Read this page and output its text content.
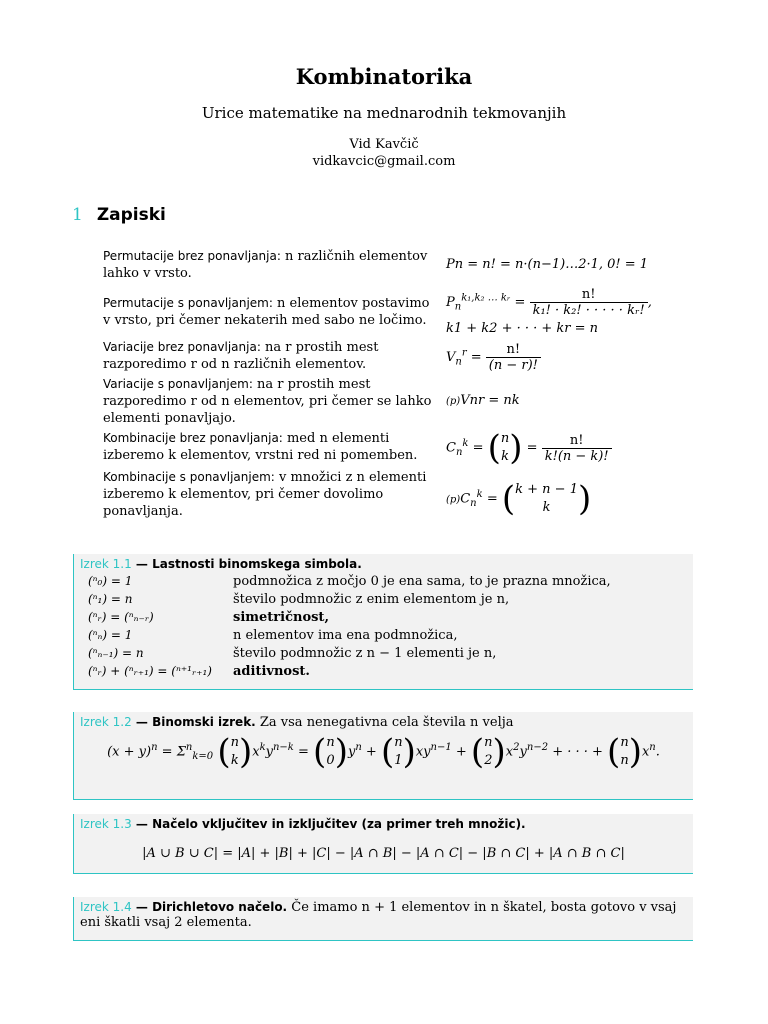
Kombinatorika
Urice matematike na mednarodnih tekmovanjih
Vid Kavčič
vidkavcic@gmail.com
1 Zapiski
Permutacije brez ponavljanja: n različnih elementov lahko v vrsto.
Permutacije s ponavljanjem: n elementov postavimo v vrsto, pri čemer nekaterih med sabo ne ločimo.
Variacije brez ponavljanja: na r prostih mest razporedimo r od n različnih elementov.
Variacije s ponavljanjem: na r prostih mest razporedimo r od n elementov, pri čemer se lahko elementi ponavljajo.
Kombinacije brez ponavljanja: med n elementi izberemo k elementov, vrstni red ni pomemben.
Kombinacije s ponavljanjem: v množici z n elementi izberemo k elementov, pri čemer dovolimo ponavljanja.
Pn = n! = n·(n−1)…2·1, 0! = 1
$P_n^{k_1,k_2 \dots kᵣ} = \frac{n!}{\text{k₁! · k₂! · · · · · kᵣ!}}$ ,
k1 + k2 + · · · + kr = n
$V_n^r = \frac{n!}{(n - r)!}$
(p)Vnr = nk
$C_n^k$ = ( n
k ) = $\frac{n!}{k!(n - k)!}$
$(p)C_n^k$ = ( k + n − 1
k )
Izrek 1.1 — Lastnosti binomskega simbola.
(ⁿ₀) = 1	podmnožica z močjo 0 je ena sama, to je prazna množica,
(ⁿ₁) = n	število podmnožic z enim elementom je n,
(ⁿᵣ) = (ⁿₙ₋ᵣ)	simetričnost,
(ⁿₙ) = 1	n elementov ima ena podmnožica,
(ⁿₙ₋₁) = n	število podmnožic z n − 1 elementi je n,
(ⁿᵣ) + (ⁿᵣ₊₁) = (ⁿ⁺¹ᵣ₊₁)	aditivnost.
Izrek 1.2 — Binomski izrek. Za vsa nenegativna cela števila n velja
$(x + y)^n = \Sigma^n_{k=0}$ ( n
k )$x^ky^{n-k}$ = ( n
0 )$y^n$ + ( n
1 )$xy^{n-1}$ + ( n
2 )$x^2y^{n-2}$ + · · · + ( n
n )$x^n$.
Izrek 1.3 — Načelo vključitev in izključitev (za primer treh množic).
|A ∪ B ∪ C| = |A| + |B| + |C| − |A ∩ B| − |A ∩ C| − |B ∩ C| + |A ∩ B ∩ C|
Izrek 1.4 — Dirichletovo načelo. Če imamo n + 1 elementov in n škatel, bosta gotovo v vsaj eni škatli vsaj 2 elementa.
